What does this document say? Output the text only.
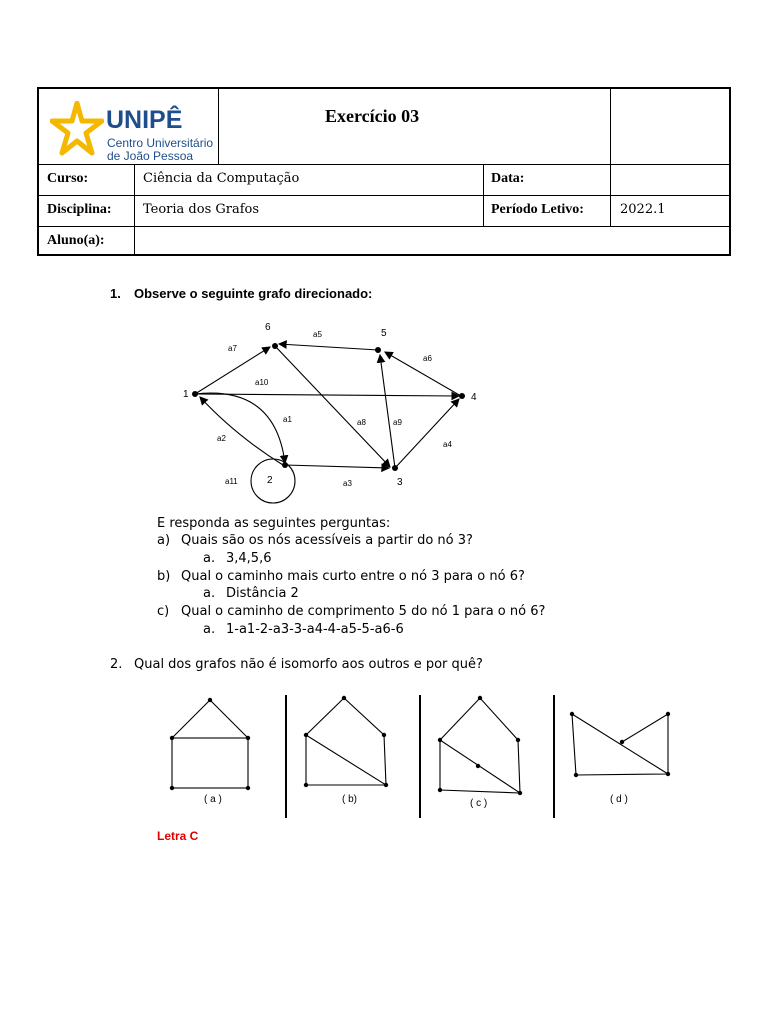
UNIPÊ
Centro Universitário
de João Pessoa
Exercício 03
Curso:	Ciência da Computação	Data:
Disciplina: Teoria dos Grafos	Período Letivo:	2022.1
Aluno(a):
1. Observe o seguinte grafo direcionado:
1
2	3
4
5
6
a1
a2
a3
a4
a5
a6
a7
a8	a9
a10
a11
E responda as seguintes perguntas:
a) Quais são os nós acessíveis a partir do nó 3?
a. 3,4,5,6
b) Qual o caminho mais curto entre o nó 3 para o nó 6?
a. Distância 2
c) Qual o caminho de comprimento 5 do nó 1 para o nó 6?
a. 1-a1-2-a3-3-a4-4-a5-5-a6-6
2. Qual dos grafos não é isomorfo aos outros e por quê?
( a )	( b)	( c )	( d )
Letra C
